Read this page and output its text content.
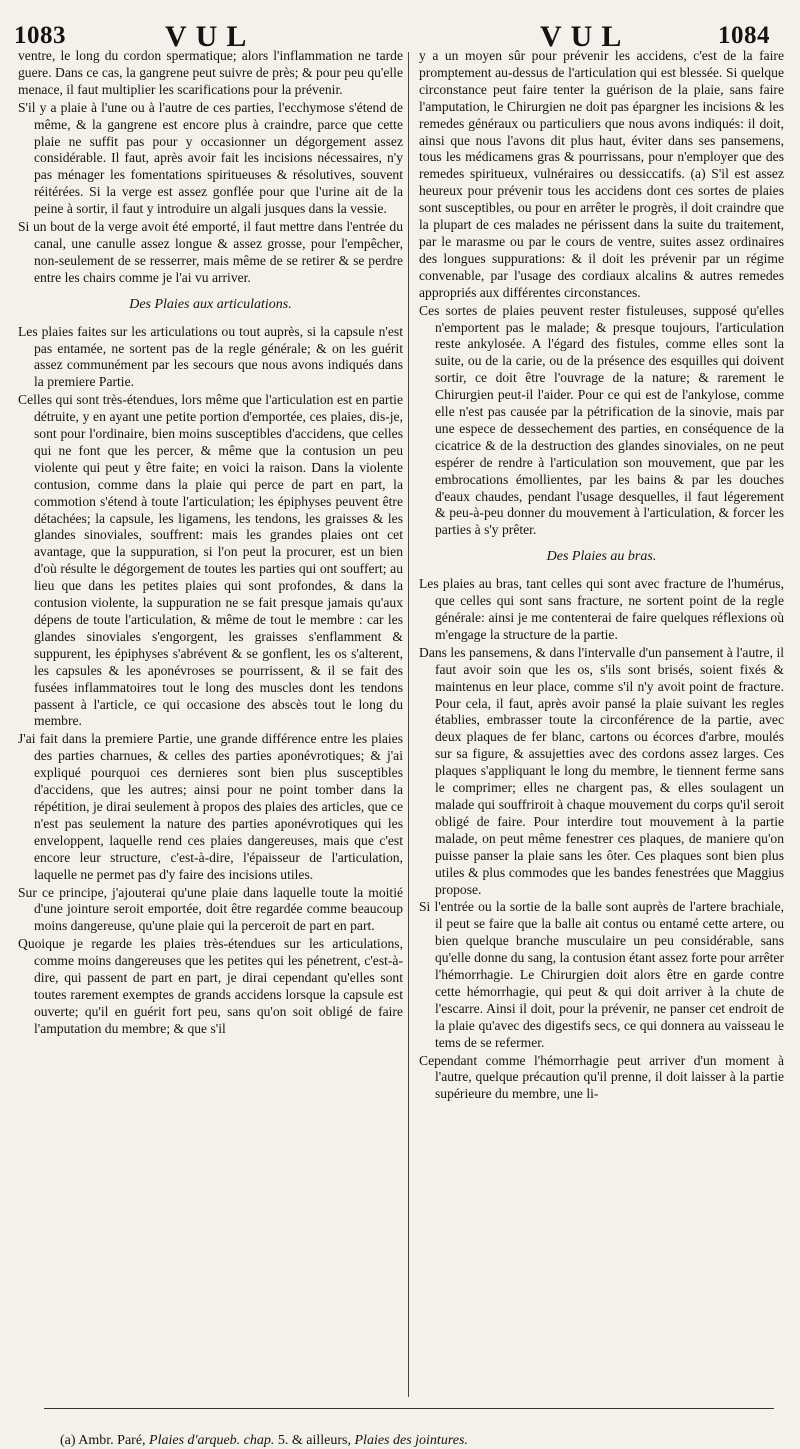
1083	VUL	VUL	1084

ventre, le long du cordon spermatique; alors l'inflammation ne tarde guere. Dans ce cas, la gangrene peut suivre de près; & pour peu qu'elle menace, il faut multiplier les scarifications pour la prévenir.

S'il y a plaie à l'une ou à l'autre de ces parties, l'ecchymose s'étend de même, & la gangrene est encore plus à craindre, parce que cette plaie ne suffit pas pour y occasionner un dégorgement assez considérable. Il faut, après avoir fait les incisions nécessaires, n'y pas ménager les fomentations spiritueuses & résolutives, souvent réitérées. Si la verge est assez gonflée pour que l'urine ait de la peine à sortir, il faut y introduire un algali jusques dans la vessie.

Si un bout de la verge avoit été emporté, il faut mettre dans l'entrée du canal, une canulle assez longue & assez grosse, pour l'empêcher, non-seulement de se resserrer, mais même de se retirer & se perdre entre les chairs comme je l'ai vu arriver.

Des Plaies aux articulations.

Les plaies faites sur les articulations ou tout auprès, si la capsule n'est pas entamée, ne sortent pas de la regle générale; & on les guérit assez communément par les secours que nous avons indiqués dans la premiere Partie.

Celles qui sont très-étendues, lors même que l'articulation est en partie détruite, y en ayant une petite portion d'emportée, ces plaies, dis-je, sont pour l'ordinaire, bien moins susceptibles d'accidens, que celles qui ne font que les percer, & même que la contusion un peu violente qui peut y être faite; en voici la raison. Dans la violente contusion, comme dans la plaie qui perce de part en part, la commotion s'étend à toute l'articulation; les épiphyses peuvent être détachées; la capsule, les ligamens, les tendons, les graisses & les glandes sinoviales, souffrent: mais les grandes plaies ont cet avantage, que la suppuration, si l'on peut la procurer, est un bien d'où résulte le dégorgement de toutes les parties qui ont souffert; au lieu que dans les petites plaies qui sont profondes, & dans la contusion violente, la suppuration ne se fait presque jamais qu'aux dépens de toute l'articulation, & même de tout le membre : car les glandes sinoviales s'engorgent, les graisses s'enflamment & suppurent, les épiphyses s'abrévent & se gonflent, les os s'alterent, les capsules & les aponévroses se pourrissent, & il se fait des fusées inflammatoires tout le long des muscles dont les tendons passent à l'article, ce qui occasione des abscès tout le long du membre.

J'ai fait dans la premiere Partie, une grande différence entre les plaies des parties charnues, & celles des parties aponévrotiques; & j'ai expliqué pourquoi ces dernieres sont bien plus susceptibles d'accidens, que les autres; ainsi pour ne point tomber dans la répétition, je dirai seulement à propos des plaies des articles, que ce n'est pas seulement la nature des parties aponévrotiques qui les enveloppent, laquelle rend ces plaies dangereuses, mais que c'est encore leur structure, c'est-à-dire, l'épaisseur de l'articulation, laquelle ne permet pas d'y faire des incisions utiles.

Sur ce principe, j'ajouterai qu'une plaie dans laquelle toute la moitié d'une jointure seroit emportée, doit être regardée comme beaucoup moins dangereuse, qu'une plaie qui la perceroit de part en part.

Quoique je regarde les plaies très-étendues sur les articulations, comme moins dangereuses que les petites qui les pénetrent, c'est-à-dire, qui passent de part en part, je dirai cependant qu'elles sont toutes rarement exemptes de grands accidens lorsque la capsule est ouverte; qu'il en guérit fort peu, sans qu'on soit obligé de faire l'amputation du membre; & que s'il

y a un moyen sûr pour prévenir les accidens, c'est de la faire promptement au-dessus de l'articulation qui est blessée. Si quelque circonstance peut faire tenter la guérison de la plaie, sans faire l'amputation, le Chirurgien ne doit pas épargner les incisions & les remedes généraux ou particuliers que nous avons indiqués: il doit, ainsi que nous l'avons dit plus haut, éviter dans ses pansemens, tous les médicamens gras & pourrissans, pour n'employer que des remedes spiritueux, vulnéraires ou dessiccatifs. (a) S'il est assez heureux pour prévenir tous les accidens dont ces sortes de plaies sont susceptibles, ou pour en arrêter le progrès, il doit craindre que la plupart de ces malades ne périssent dans la suite du traitement, par le marasme ou par le cours de ventre, suites assez ordinaires des longues suppurations: & il doit les prévenir par un régime convenable, par l'usage des cordiaux alcalins & autres remedes appropriés aux différentes circonstances.

Ces sortes de plaies peuvent rester fistuleuses, supposé qu'elles n'emportent pas le malade; & presque toujours, l'articulation reste ankylosée. A l'égard des fistules, comme elles sont la suite, ou de la carie, ou de la présence des esquilles qui doivent sortir, ce doit être l'ouvrage de la nature; & rarement le Chirurgien peut-il l'aider. Pour ce qui est de l'ankylose, comme elle n'est pas causée par la pétrification de la sinovie, mais par une espece de dessechement des parties, en conséquence de la cicatrice & de la destruction des glandes sinoviales, on ne peut espérer de rendre à l'articulation son mouvement, que par les embrocations émollientes, par les bains & par les douches d'eaux chaudes, pendant l'usage desquelles, il faut légerement & peu-à-peu donner du mouvement à l'articulation, & forcer les parties à s'y prêter.

Des Plaies au bras.

Les plaies au bras, tant celles qui sont avec fracture de l'humérus, que celles qui sont sans fracture, ne sortent point de la regle générale: ainsi je me contenterai de faire quelques réflexions où m'engage la structure de la partie.

Dans les pansemens, & dans l'intervalle d'un pansement à l'autre, il faut avoir soin que les os, s'ils sont brisés, soient fixés & maintenus en leur place, comme s'il n'y avoit point de fracture. Pour cela, il faut, après avoir pansé la plaie suivant les regles établies, embrasser toute la circonférence de la partie, avec deux plaques de fer blanc, cartons ou écorces d'arbre, moulés sur sa figure, & assujetties avec des cordons assez larges. Ces plaques s'appliquant le long du membre, le tiennent ferme sans le comprimer; elles ne chargent pas, & elles soulagent un malade qui souffriroit à chaque mouvement du corps qu'il seroit obligé de faire. Pour interdire tout mouvement à la partie malade, on peut même fenestrer ces plaques, de maniere qu'on puisse panser la plaie sans les ôter. Ces plaques sont bien plus utiles & plus commodes que les bandes fenestrées que Maggius propose.

Si l'entrée ou la sortie de la balle sont auprès de l'artere brachiale, il peut se faire que la balle ait contus ou entamé cette artere, ou bien quelque branche musculaire un peu considérable, sans qu'elle donne du sang, la contusion étant assez forte pour arrêter l'hémorrhagie. Le Chirurgien doit alors être en garde contre cette hémorrhagie, qui peut & qui doit arriver à la chute de l'escarre. Ainsi il doit, pour la prévenir, ne panser cet endroit de la plaie qu'avec des digestifs secs, ce qui donnera au vaisseau le tems de se refermer.

Cependant comme l'hémorrhagie peut arriver d'un moment à l'autre, quelque précaution qu'il prenne, il doit laisser à la partie supérieure du membre, une li-

(a) Ambr. Paré, Plaies d'arqueb. chap. 5. & ailleurs, Plaies des jointures.
